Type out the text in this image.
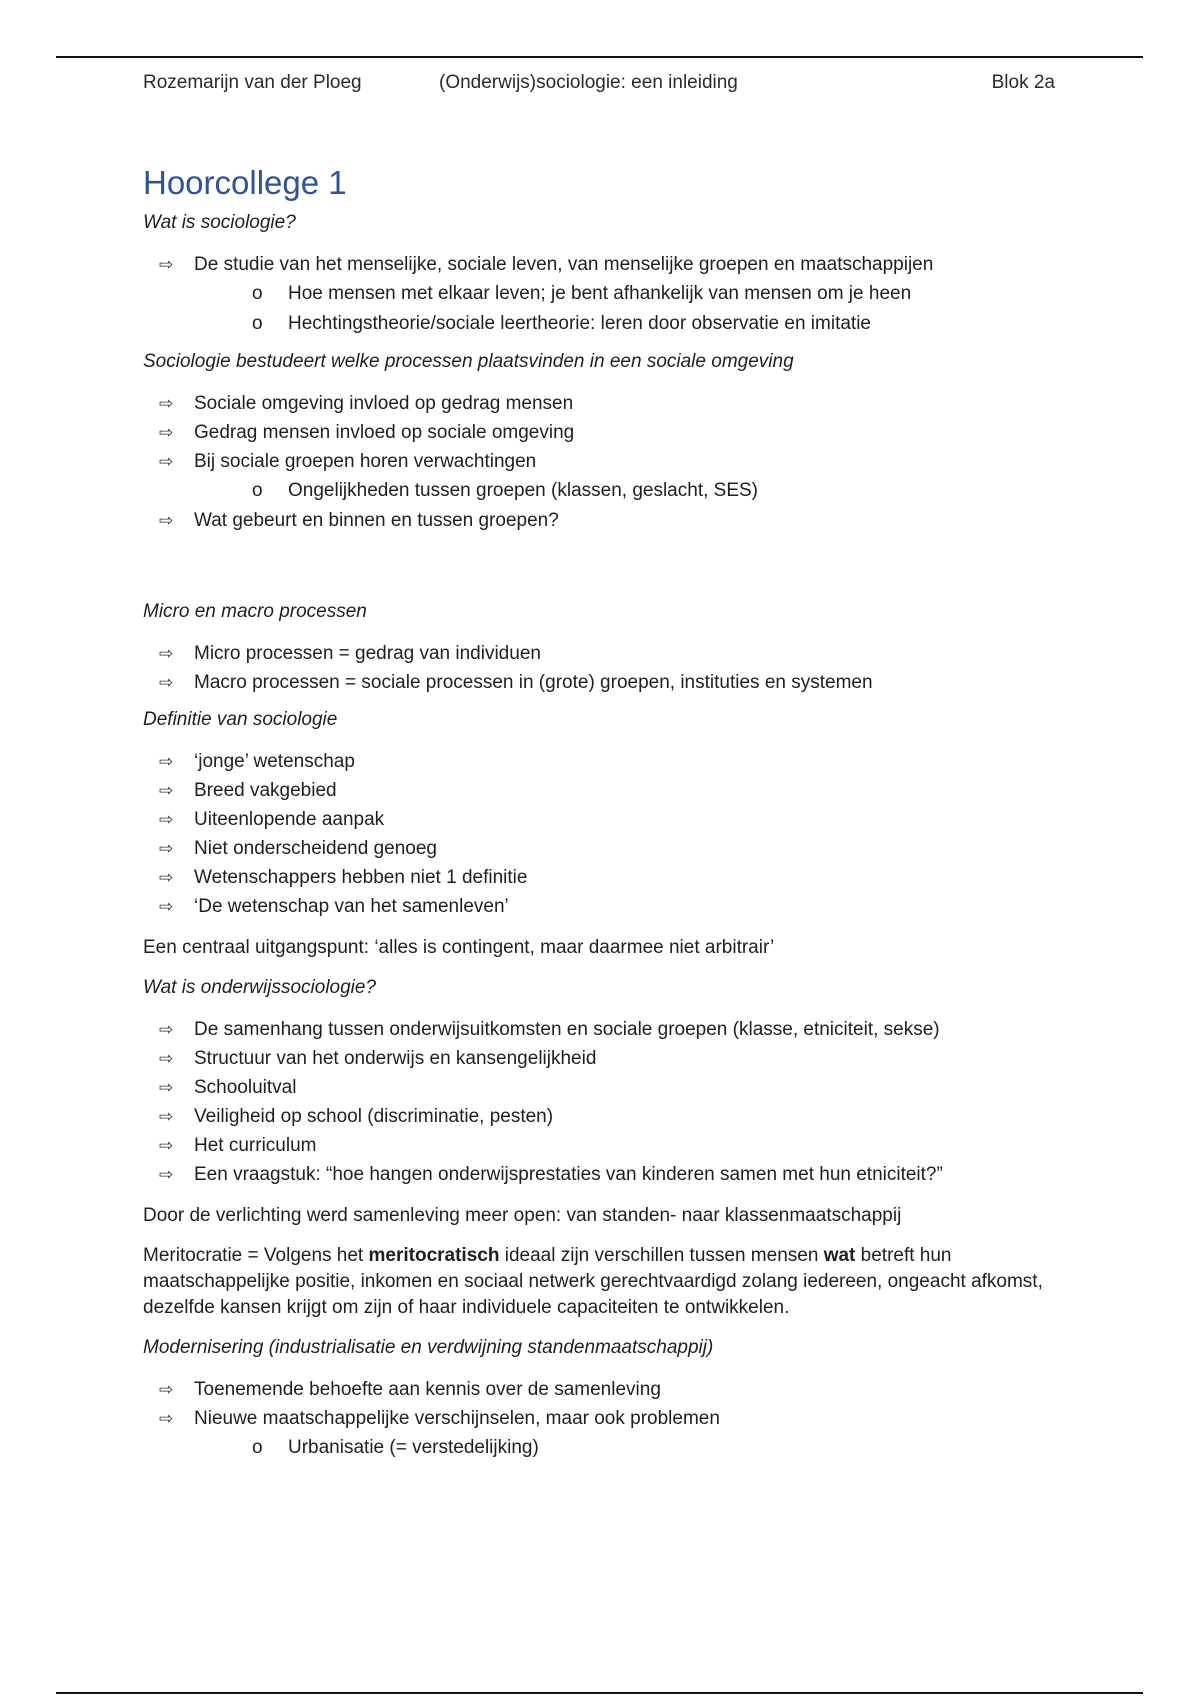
Rozemarijn van der Ploeg	(Onderwijs)sociologie: een inleiding	Blok 2a
Hoorcollege 1

Wat is sociologie?

⇨ De studie van het menselijke, sociale leven, van menselijke groepen en maatschappijen
o Hoe mensen met elkaar leven; je bent afhankelijk van mensen om je heen
o Hechtingstheorie/sociale leertheorie: leren door observatie en imitatie

Sociologie bestudeert welke processen plaatsvinden in een sociale omgeving

⇨ Sociale omgeving invloed op gedrag mensen
⇨ Gedrag mensen invloed op sociale omgeving
⇨ Bij sociale groepen horen verwachtingen
o Ongelijkheden tussen groepen (klassen, geslacht, SES)
⇨ Wat gebeurt en binnen en tussen groepen?

Micro en macro processen

⇨ Micro processen = gedrag van individuen
⇨ Macro processen = sociale processen in (grote) groepen, instituties en systemen

Definitie van sociologie

⇨ ‘jonge’ wetenschap
⇨ Breed vakgebied
⇨ Uiteenlopende aanpak
⇨ Niet onderscheidend genoeg
⇨ Wetenschappers hebben niet 1 definitie
⇨ ‘De wetenschap van het samenleven’

Een centraal uitgangspunt: ‘alles is contingent, maar daarmee niet arbitrair’

Wat is onderwijssociologie?

⇨ De samenhang tussen onderwijsuitkomsten en sociale groepen (klasse, etniciteit, sekse)
⇨ Structuur van het onderwijs en kansengelijkheid
⇨ Schooluitval
⇨ Veiligheid op school (discriminatie, pesten)
⇨ Het curriculum
⇨ Een vraagstuk: “hoe hangen onderwijsprestaties van kinderen samen met hun etniciteit?”

Door de verlichting werd samenleving meer open: van standen- naar klassenmaatschappij

Meritocratie = Volgens het meritocratisch ideaal zijn verschillen tussen mensen wat betreft hun maatschappelijke positie, inkomen en sociaal netwerk gerechtvaardigd zolang iedereen, ongeacht afkomst, dezelfde kansen krijgt om zijn of haar individuele capaciteiten te ontwikkelen.

Modernisering (industrialisatie en verdwijning standenmaatschappij)

⇨ Toenemende behoefte aan kennis over de samenleving
⇨ Nieuwe maatschappelijke verschijnselen, maar ook problemen
o Urbanisatie (= verstedelijking)
